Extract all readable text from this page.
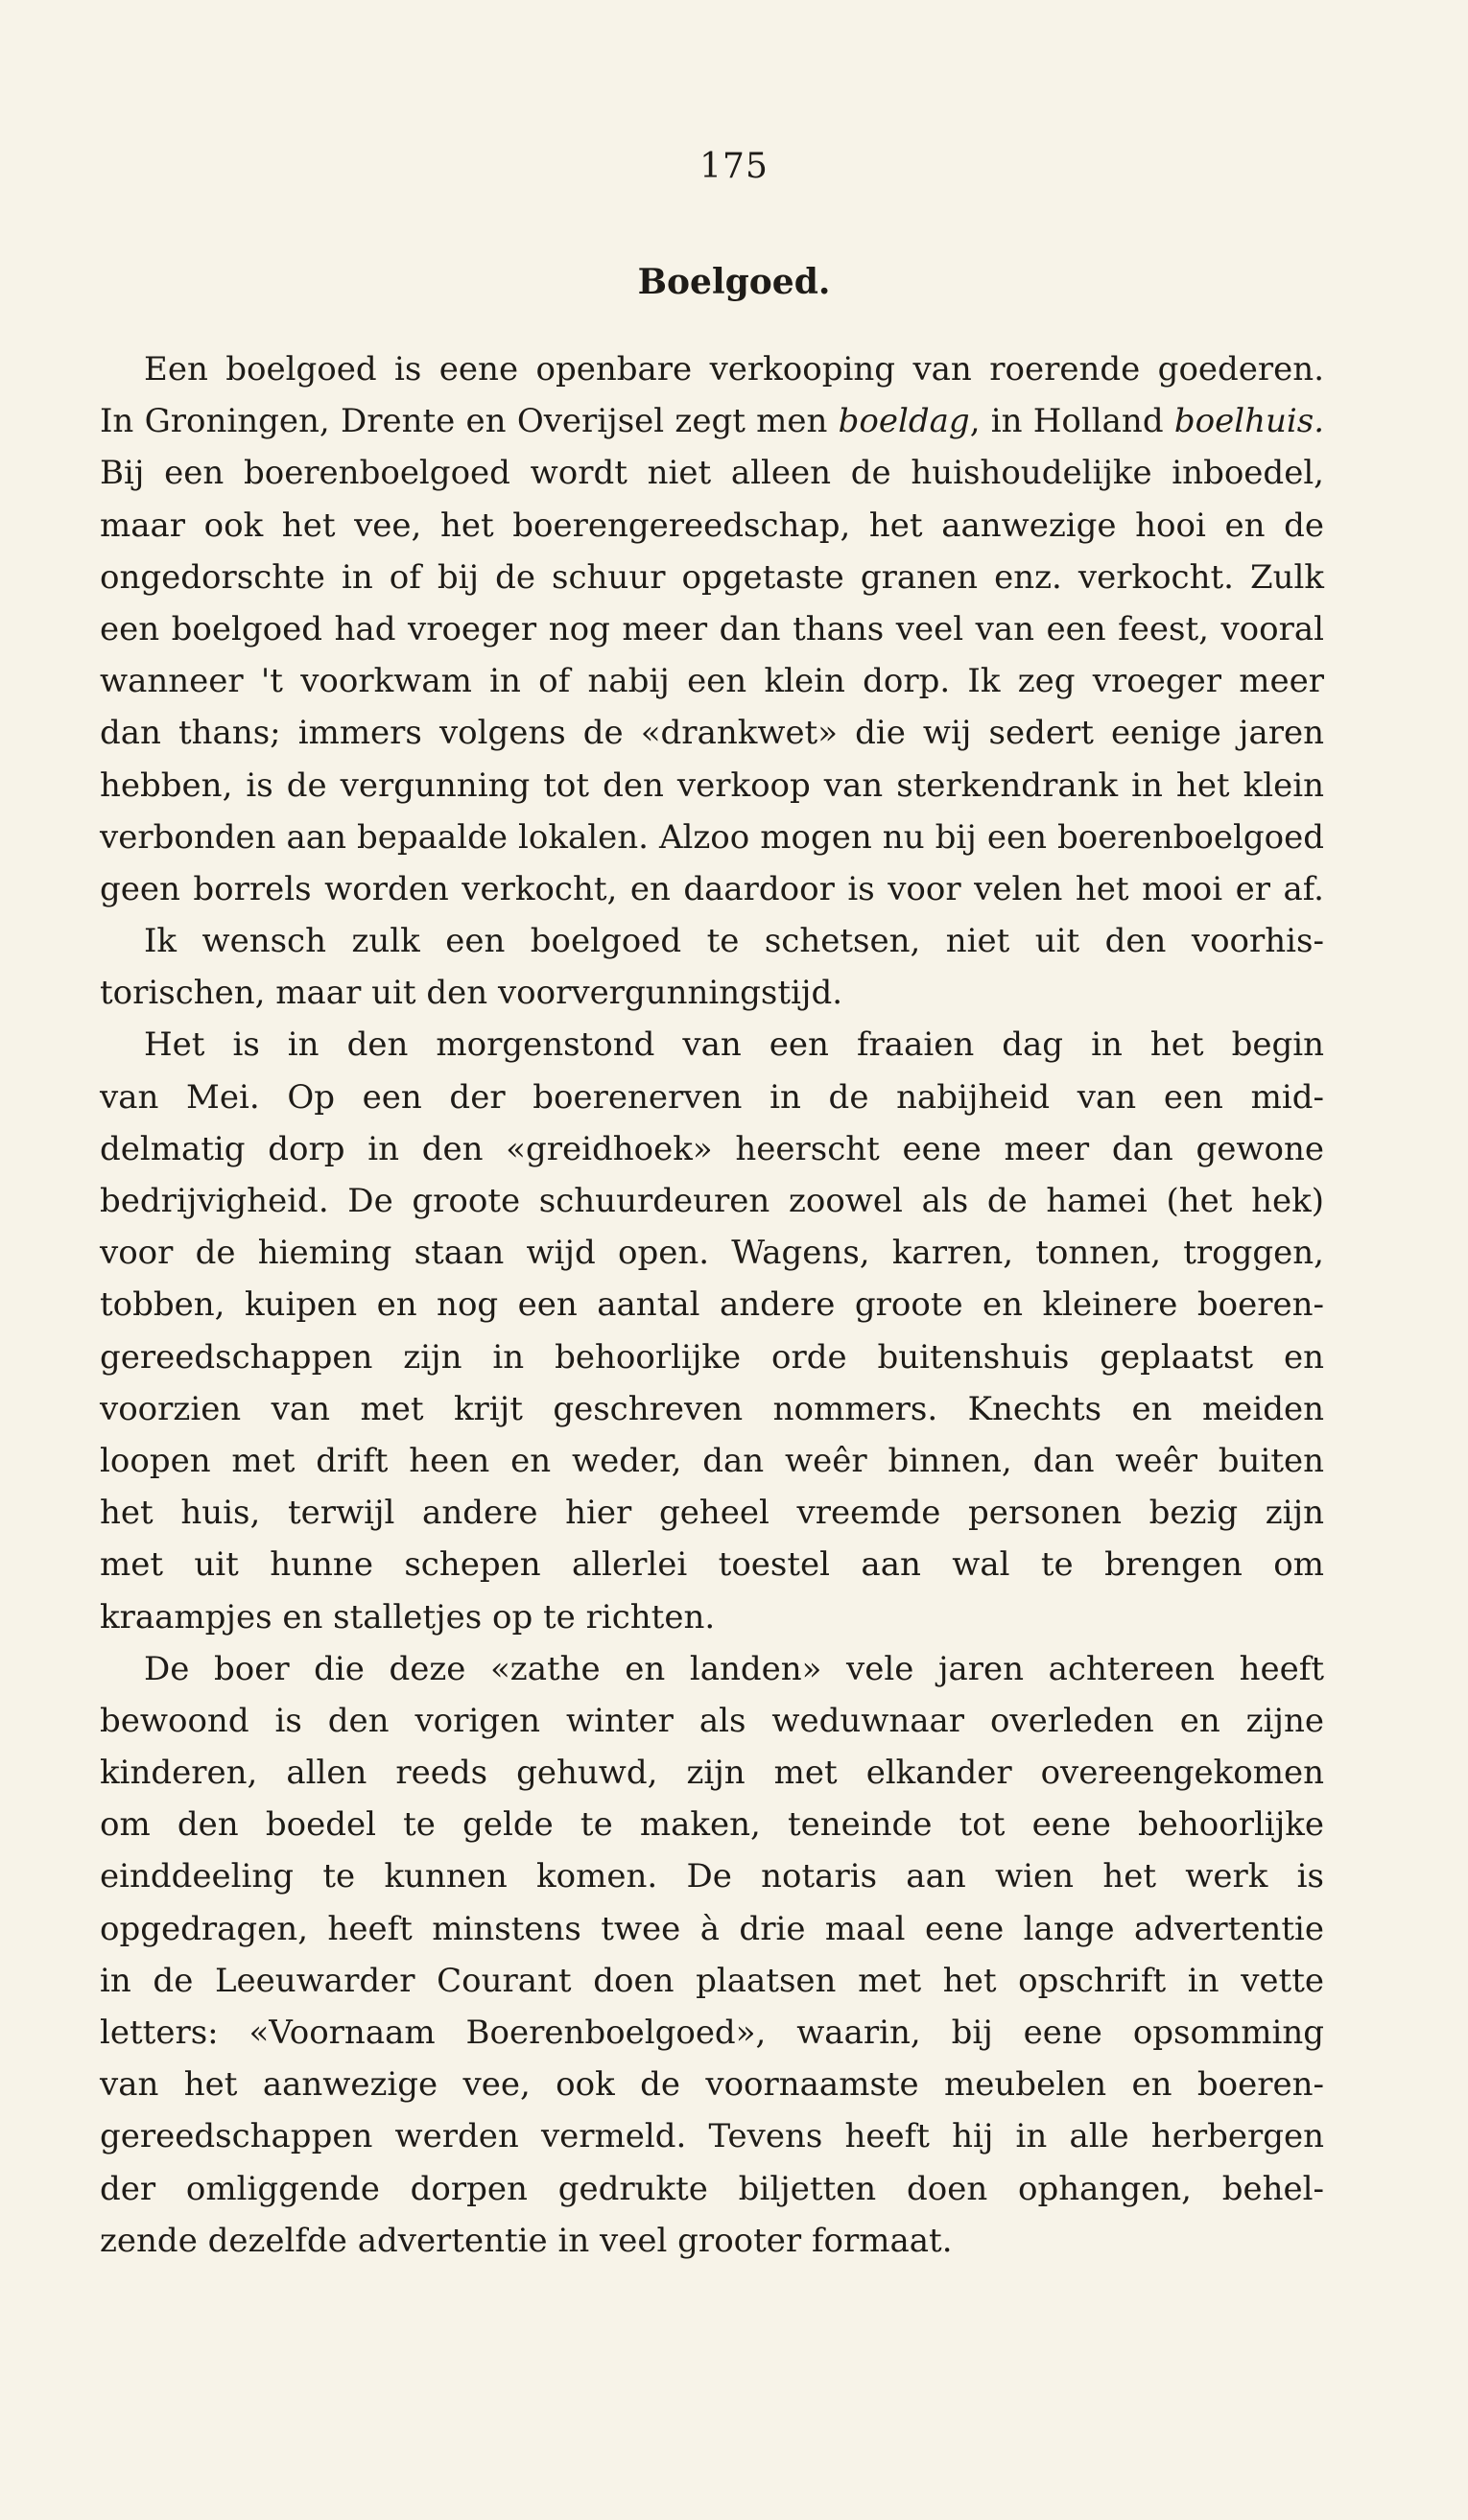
175
Boelgoed.
Een boelgoed is eene openbare verkooping van roerende goederen.
In Groningen, Drente en Overijsel zegt men boeldag, in Holland boelhuis.
Bij een boerenboelgoed wordt niet alleen de huishoudelijke inboedel,
maar ook het vee, het boerengereedschap, het aanwezige hooi en de
ongedorschte in of bij de schuur opgetaste granen enz. verkocht. Zulk
een boelgoed had vroeger nog meer dan thans veel van een feest, vooral
wanneer 't voorkwam in of nabij een klein dorp. Ik zeg vroeger meer
dan thans; immers volgens de «drankwet» die wij sedert eenige jaren
hebben, is de vergunning tot den verkoop van sterkendrank in het klein
verbonden aan bepaalde lokalen. Alzoo mogen nu bij een boerenboelgoed
geen borrels worden verkocht, en daardoor is voor velen het mooi er af.
Ik wensch zulk een boelgoed te schetsen, niet uit den voorhis-
torischen, maar uit den voorvergunningstijd.
Het is in den morgenstond van een fraaien dag in het begin
van Mei. Op een der boerenerven in de nabijheid van een mid-
delmatig dorp in den «greidhoek» heerscht eene meer dan gewone
bedrijvigheid. De groote schuurdeuren zoowel als de hamei (het hek)
voor de hieming staan wijd open. Wagens, karren, tonnen, troggen,
tobben, kuipen en nog een aantal andere groote en kleinere boeren-
gereedschappen zijn in behoorlijke orde buitenshuis geplaatst en
voorzien van met krijt geschreven nommers. Knechts en meiden
loopen met drift heen en weder, dan weêr binnen, dan weêr buiten
het huis, terwijl andere hier geheel vreemde personen bezig zijn
met uit hunne schepen allerlei toestel aan wal te brengen om
kraampjes en stalletjes op te richten.
De boer die deze «zathe en landen» vele jaren achtereen heeft
bewoond is den vorigen winter als weduwnaar overleden en zijne
kinderen, allen reeds gehuwd, zijn met elkander overeengekomen
om den boedel te gelde te maken, teneinde tot eene behoorlijke
einddeeling te kunnen komen. De notaris aan wien het werk is
opgedragen, heeft minstens twee à drie maal eene lange advertentie
in de Leeuwarder Courant doen plaatsen met het opschrift in vette
letters: «Voornaam Boerenboelgoed», waarin, bij eene opsomming
van het aanwezige vee, ook de voornaamste meubelen en boeren-
gereedschappen werden vermeld. Tevens heeft hij in alle herbergen
der omliggende dorpen gedrukte biljetten doen ophangen, behel-
zende dezelfde advertentie in veel grooter formaat.
